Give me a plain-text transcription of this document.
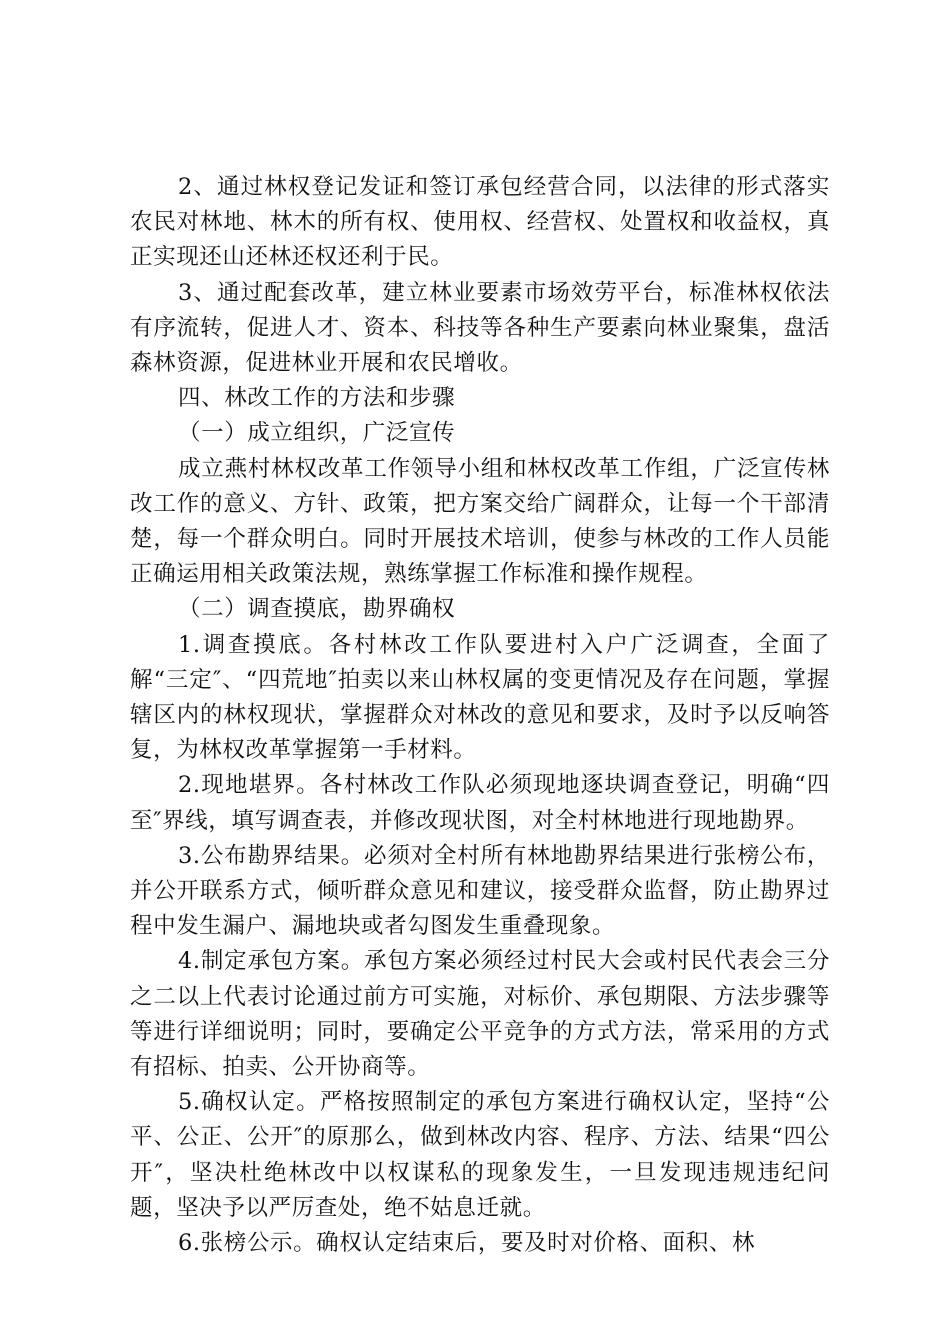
2、通过林权登记发证和签订承包经营合同，以法律的形式落实农民对林地、林木的所有权、使用权、经营权、处置权和收益权，真正实现还山还林还权还利于民。

3、通过配套改革，建立林业要素市场效劳平台，标准林权依法有序流转，促进人才、资本、科技等各种生产要素向林业聚集，盘活森林资源，促进林业开展和农民增收。

四、林改工作的方法和步骤

（一）成立组织，广泛宣传

成立燕村林权改革工作领导小组和林权改革工作组，广泛宣传林改工作的意义、方针、政策，把方案交给广阔群众，让每一个干部清楚，每一个群众明白。同时开展技术培训，使参与林改的工作人员能正确运用相关政策法规，熟练掌握工作标准和操作规程。

（二）调查摸底，勘界确权

1.调查摸底。各村林改工作队要进村入户广泛调查，全面了解“三定″、“四荒地″拍卖以来山林权属的变更情况及存在问题，掌握辖区内的林权现状，掌握群众对林改的意见和要求，及时予以反响答复，为林权改革掌握第一手材料。

2.现地堪界。各村林改工作队必须现地逐块调查登记，明确“四至″界线，填写调查表，并修改现状图，对全村林地进行现地勘界。

3.公布勘界结果。必须对全村所有林地勘界结果进行张榜公布，并公开联系方式，倾听群众意见和建议，接受群众监督，防止勘界过程中发生漏户、漏地块或者勾图发生重叠现象。

4.制定承包方案。承包方案必须经过村民大会或村民代表会三分之二以上代表讨论通过前方可实施，对标价、承包期限、方法步骤等等进行详细说明；同时，要确定公平竞争的方式方法，常采用的方式有招标、拍卖、公开协商等。

5.确权认定。严格按照制定的承包方案进行确权认定，坚持“公平、公正、公开″的原那么，做到林改内容、程序、方法、结果“四公开″，坚决杜绝林改中以权谋私的现象发生，一旦发现违规违纪问题，坚决予以严厉查处，绝不姑息迁就。

6.张榜公示。确权认定结束后，要及时对价格、面积、林
